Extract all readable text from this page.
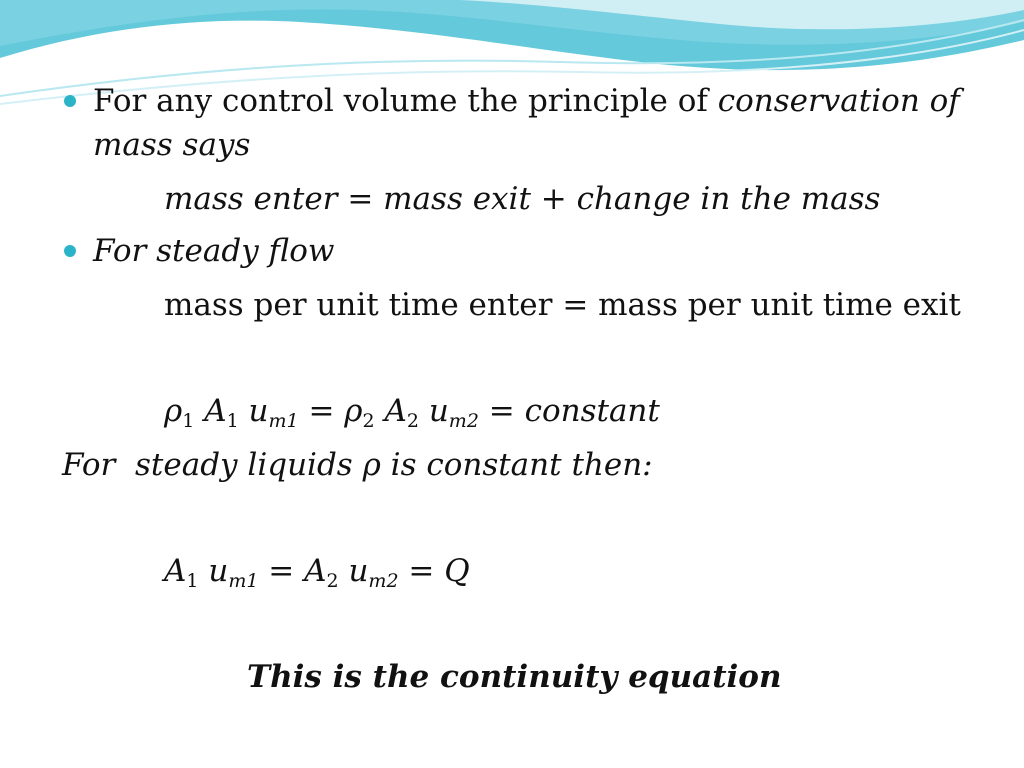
For any control volume the principle of conservation of
mass says
mass enter = mass exit + change in the mass
For steady flow
mass per unit time enter = mass per unit time exit
ρ1 A1 um1 = ρ2 A2 um2 = constant
For  steady liquids ρ is constant then:
A1 um1 = A2 um2 = Q
This is the continuity equation
